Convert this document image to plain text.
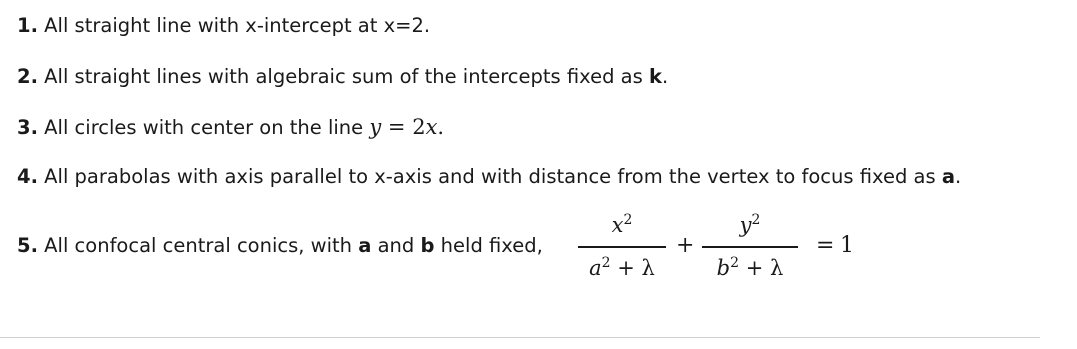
1. All straight line with x-intercept at x=2.
2. All straight lines with algebraic sum of the intercepts fixed as k.
3. All circles with center on the line y = 2x.
4. All parabolas with axis parallel to x-axis and with distance from the vertex to focus fixed as a.
5. All confocal central conics, with a and b held fixed,
$x^2$
$a^2 + \lambda$
+
$y^2$
$b^2 + \lambda$
= 1
